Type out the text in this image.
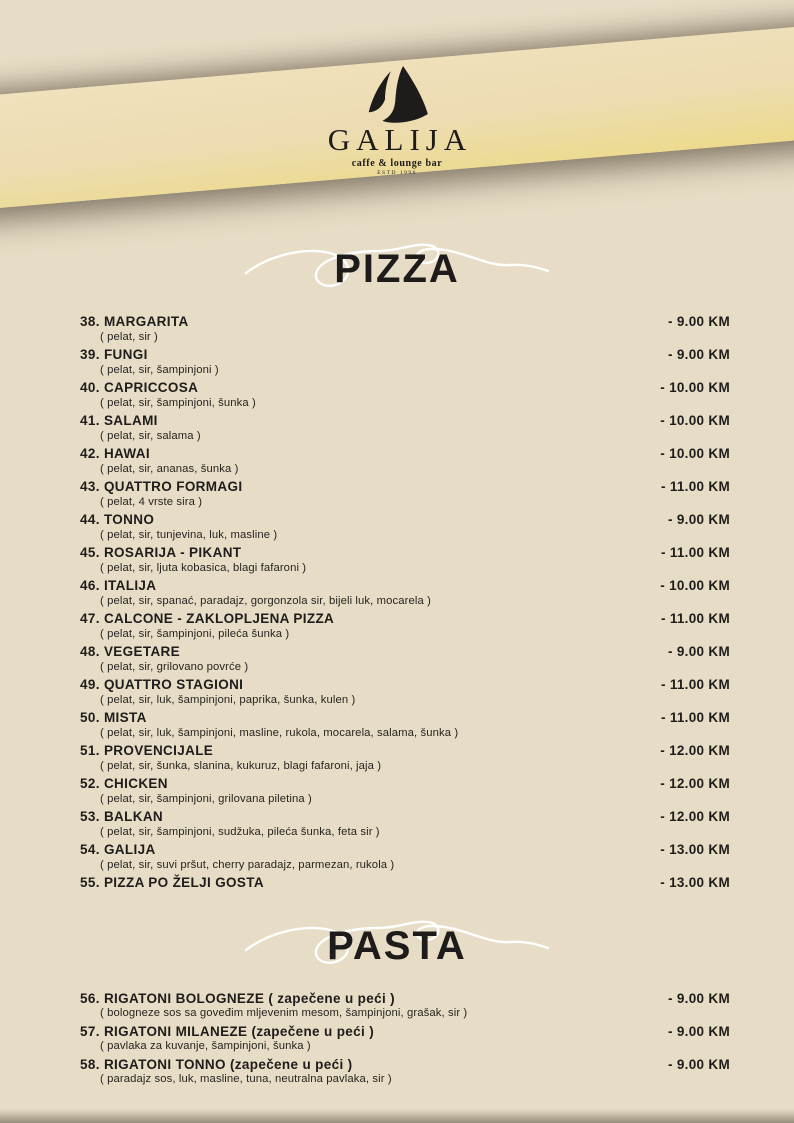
GALIJA
caffe & lounge bar
ESTD 1996
PIZZA
38. MARGARITA	- 9.00 KM
( pelat, sir )
39. FUNGI	- 9.00 KM
( pelat, sir, šampinjoni )
40. CAPRICCOSA	- 10.00 KM
( pelat, sir, šampinjoni, šunka )
41. SALAMI	- 10.00 KM
( pelat, sir, salama )
42. HAWAI	- 10.00 KM
( pelat, sir, ananas, šunka )
43. QUATTRO FORMAGI	- 11.00 KM
( pelat, 4 vrste sira )
44. TONNO	- 9.00 KM
( pelat, sir, tunjevina, luk, masline )
45. ROSARIJA - PIKANT	- 11.00 KM
( pelat, sir, ljuta kobasica, blagi fafaroni )
46. ITALIJA	- 10.00 KM
( pelat, sir, spanać, paradajz, gorgonzola sir, bijeli luk, mocarela )
47. CALCONE - ZAKLOPLJENA PIZZA	- 11.00 KM
( pelat, sir, šampinjoni, pileća šunka )
48. VEGETARE	- 9.00 KM
( pelat, sir, grilovano povrće )
49. QUATTRO STAGIONI	- 11.00 KM
( pelat, sir, luk, šampinjoni, paprika, šunka, kulen )
50. MISTA	- 11.00 KM
( pelat, sir, luk, šampinjoni, masline, rukola, mocarela, salama, šunka )
51. PROVENCIJALE	- 12.00 KM
( pelat, sir, šunka, slanina, kukuruz, blagi fafaroni, jaja )
52. CHICKEN	- 12.00 KM
( pelat, sir, šampinjoni, grilovana piletina )
53. BALKAN	- 12.00 KM
( pelat, sir, šampinjoni, sudžuka, pileća šunka, feta sir )
54. GALIJA	- 13.00 KM
( pelat, sir, suvi pršut, cherry paradajz, parmezan, rukola )
55. PIZZA PO ŽELJI GOSTA	- 13.00 KM
PASTA
56. RIGATONI BOLOGNEZE ( zapečene u peći )	- 9.00 KM
( bologneze sos sa goveđim mljevenim mesom, šampinjoni, grašak, sir )
57. RIGATONI MILANEZE (zapečene u peći )	- 9.00 KM
( pavlaka za kuvanje, šampinjoni, šunka )
58. RIGATONI TONNO (zapečene u peći )	- 9.00 KM
( paradajz sos, luk, masline, tuna, neutralna pavlaka, sir )
